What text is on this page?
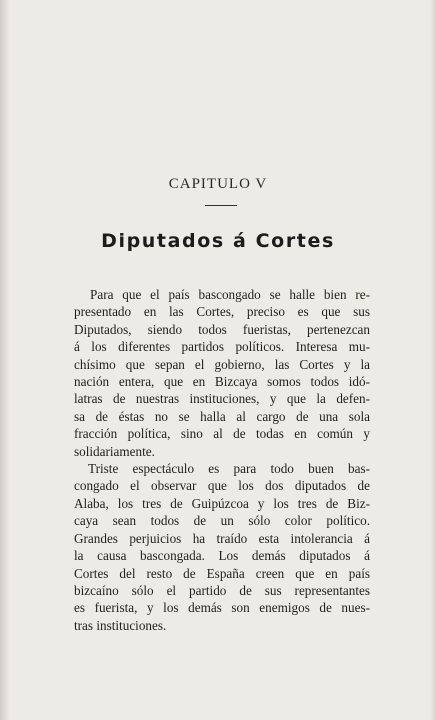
CAPITULO V
Diputados á Cortes
Para que el país bascongado se halle bien re-
presentado en las Cortes, preciso es que sus
Diputados, siendo todos fueristas, pertenezcan
á los diferentes partidos políticos. Interesa mu-
chísimo que sepan el gobierno, las Cortes y la
nación entera, que en Bizcaya somos todos idó-
latras de nuestras instituciones, y que la defen-
sa de éstas no se halla al cargo de una sola
fracción política, sino al de todas en común y
solidariamente.
Triste espectáculo es para todo buen bas-
congado el observar que los dos diputados de
Alaba, los tres de Guipúzcoa y los tres de Biz-
caya sean todos de un sólo color político.
Grandes perjuicios ha traído esta intolerancia á
la causa bascongada. Los demás diputados á
Cortes del resto de España creen que en país
bizcaíno sólo el partido de sus representantes
es fuerista, y los demás son enemigos de nues-
tras instituciones.
